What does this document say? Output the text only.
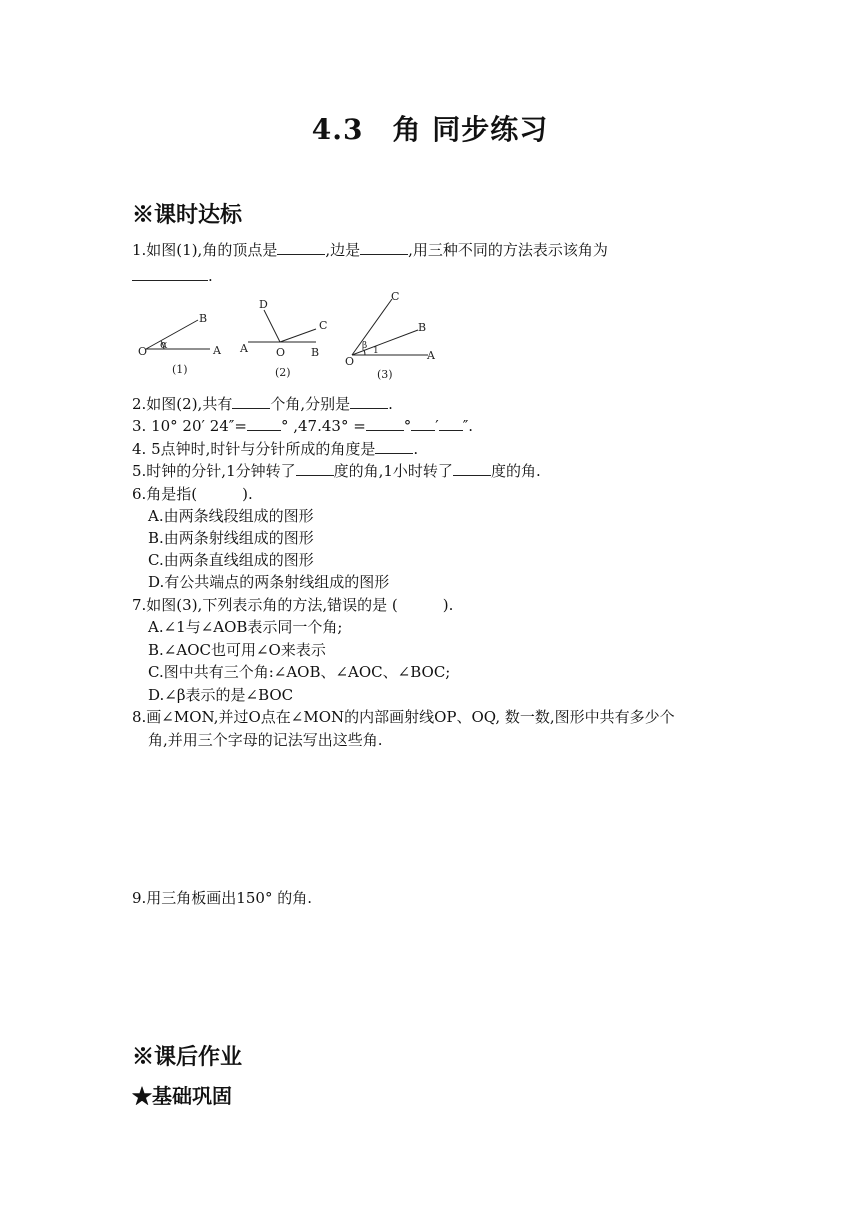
4.3　角 同步练习
※课时达标
1.如图(1),角的顶点是	,边是	,用三种不同的方法表示该角为
.
O
α	A
B
(1)
D
C
A	O B
(2)
C
B
A
O
β 1
(3)
2.如图(2),共有	个角,分别是	.
3. 10° 20′ 24″= ° ,47.43° =	° ′ ″.
4. 5点钟时,时针与分针所成的角度是	.
5.时钟的分针,1分钟转了	度的角,1小时转了	度的角.
6.角是指(　　　).
A.由两条线段组成的图形
B.由两条射线组成的图形
C.由两条直线组成的图形
D.有公共端点的两条射线组成的图形
7.如图(3),下列表示角的方法,错误的是 (　　　).
A.∠1与∠AOB表示同一个角;
B.∠AOC也可用∠O来表示
C.图中共有三个角:∠AOB、∠AOC、∠BOC;
D.∠β表示的是∠BOC
8.画∠MON,并过O点在∠MON的内部画射线OP、OQ, 数一数,图形中共有多少个
角,并用三个字母的记法写出这些角.
9.用三角板画出150° 的角.
※课后作业
★基础巩固
